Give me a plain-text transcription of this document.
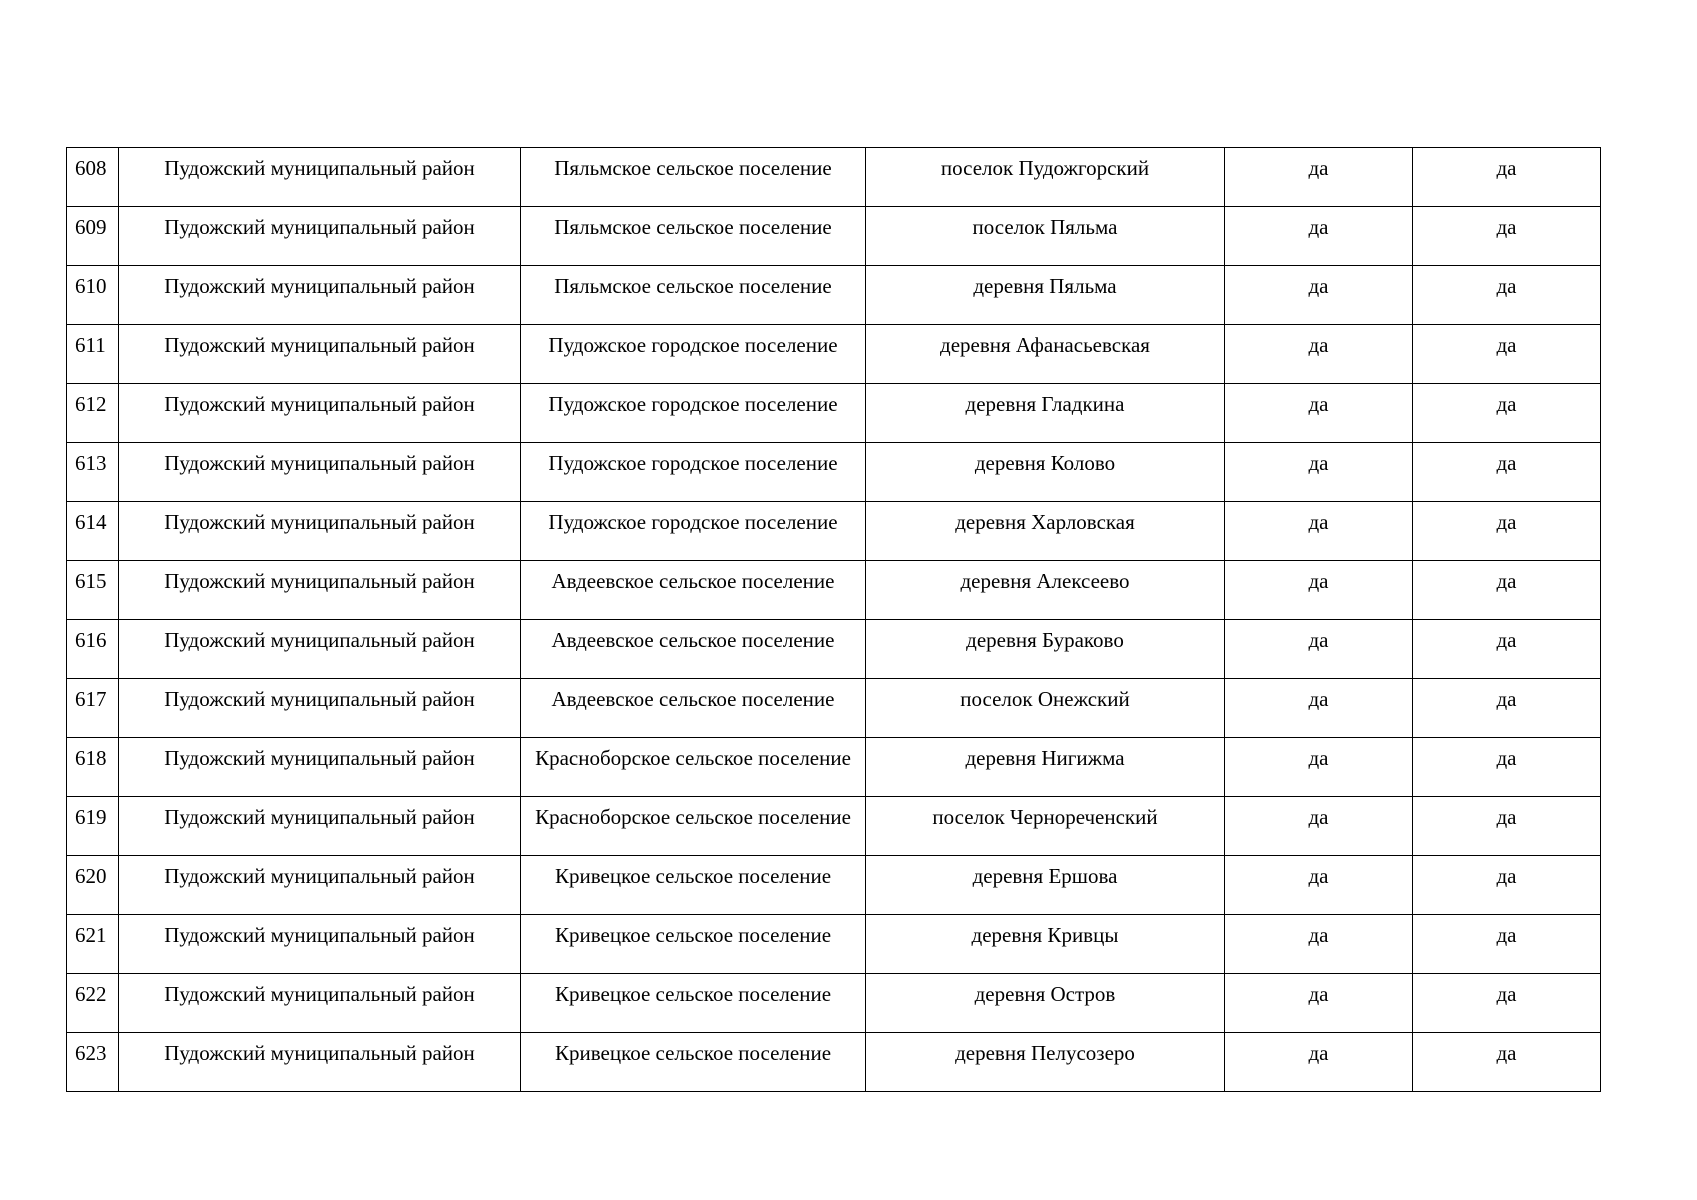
608	Пудожский муниципальный район	Пяльмское сельское поселение	поселок Пудожгорский	да	да

609	Пудожский муниципальный район	Пяльмское сельское поселение	поселок Пяльма	да	да

610	Пудожский муниципальный район	Пяльмское сельское поселение	деревня Пяльма	да	да

611	Пудожский муниципальный район	Пудожское городское поселение	деревня Афанасьевская	да	да

612	Пудожский муниципальный район	Пудожское городское поселение	деревня Гладкина	да	да

613	Пудожский муниципальный район	Пудожское городское поселение	деревня Колово	да	да

614	Пудожский муниципальный район	Пудожское городское поселение	деревня Харловская	да	да

615	Пудожский муниципальный район	Авдеевское сельское поселение	деревня Алексеево	да	да

616	Пудожский муниципальный район	Авдеевское сельское поселение	деревня Бураково	да	да

617	Пудожский муниципальный район	Авдеевское сельское поселение	поселок Онежский	да	да

618	Пудожский муниципальный район	Красноборское сельское поселение	деревня Нигижма	да	да

619	Пудожский муниципальный район	Красноборское сельское поселение	поселок Чернореченский	да	да

620	Пудожский муниципальный район	Кривецкое сельское поселение	деревня Ершова	да	да

621	Пудожский муниципальный район	Кривецкое сельское поселение	деревня Кривцы	да	да

622	Пудожский муниципальный район	Кривецкое сельское поселение	деревня Остров	да	да

623	Пудожский муниципальный район	Кривецкое сельское поселение	деревня Пелусозеро	да	да
